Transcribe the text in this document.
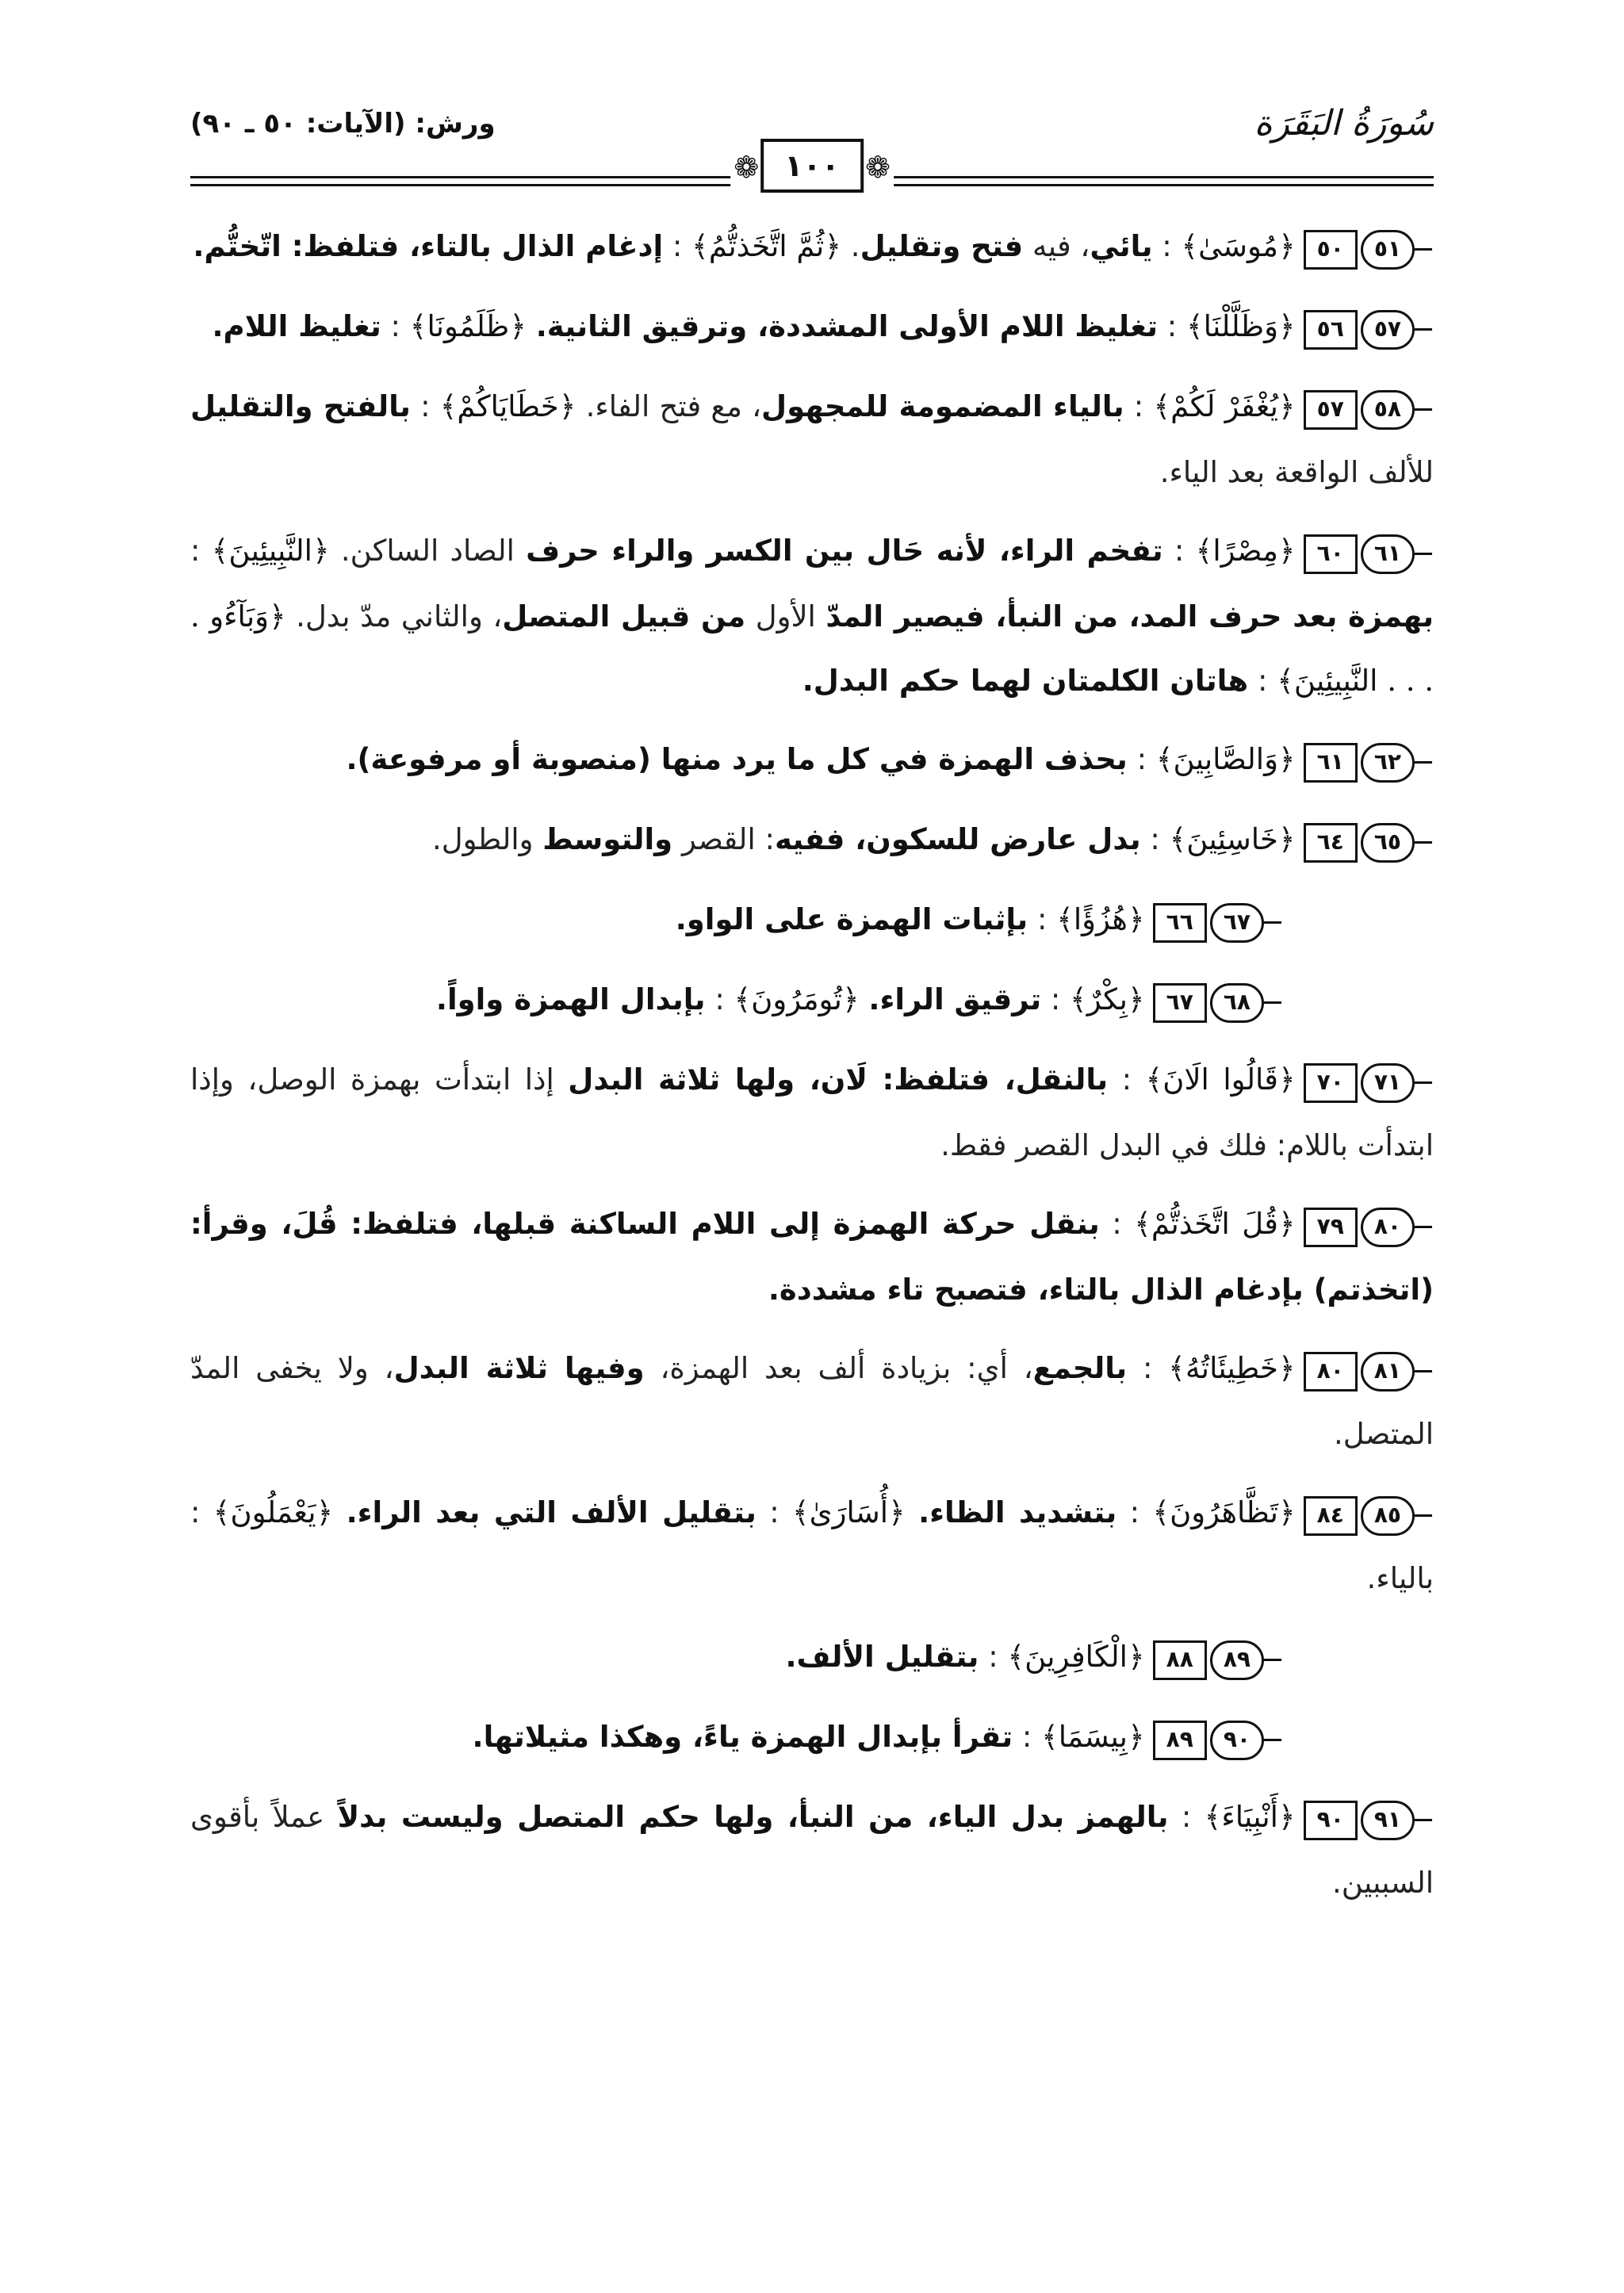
سُورَةُ البَقَرَة
ورش: (الآيات: ٥٠ ـ ٩٠)
❁ ١٠٠ ❁
٥١٥٠﴿مُوسَىٰ﴾ : يائي، فيه فتح وتقليل. ﴿ثُمَّ اتَّخَذتُّمُ﴾ : إدغام الذال بالتاء، فتلفظ: اتّختُّم.
٥٧٥٦﴿وَظَلَّلْنَا﴾ : تغليظ اللام الأولى المشددة، وترقيق الثانية. ﴿ظَلَمُونَا﴾ : تغليظ اللام.
٥٨٥٧﴿يُغْفَرْ لَكُمْ﴾ : بالياء المضمومة للمجهول، مع فتح الفاء. ﴿خَطَايَاكُمْ﴾ : بالفتح والتقليل للألف الواقعة بعد الياء.
٦١٦٠﴿مِصْرًا﴾ : تفخم الراء، لأنه حَال بين الكسر والراء حرف الصاد الساكن. ﴿النَّبِيئِينَ﴾ : بهمزة بعد حرف المد، من النبأ، فيصير المدّ الأول من قبيل المتصل، والثاني مدّ بدل. ﴿وَبَآءُو . . . . النَّبِيئِينَ﴾ : هاتان الكلمتان لهما حكم البدل.
٦٢٦١﴿وَالصَّابِينَ﴾ : بحذف الهمزة في كل ما يرد منها (منصوبة أو مرفوعة).
٦٥٦٤﴿خَاسِئِينَ﴾ : بدل عارض للسكون، ففيه: القصر والتوسط والطول.
٦٧٦٦﴿هُزُؤًا﴾ : بإثبات الهمزة على الواو.
٦٨٦٧﴿بِكْرٌ﴾ : ترقيق الراء. ﴿تُومَرُونَ﴾ : بإبدال الهمزة واواً.
٧١٧٠﴿قَالُوا الَانَ﴾ : بالنقل، فتلفظ: لَان، ولها ثلاثة البدل إذا ابتدأت بهمزة الوصل، وإذا ابتدأت باللام: فلك في البدل القصر فقط.
٨٠٧٩﴿قُلَ اتَّخَذتُّمْ﴾ : بنقل حركة الهمزة إلى اللام الساكنة قبلها، فتلفظ: قُلَ، وقرأ: (اتخذتم) بإدغام الذال بالتاء، فتصبح تاء مشددة.
٨١٨٠﴿خَطِيئَاتُهُ﴾ : بالجمع، أي: بزيادة ألف بعد الهمزة، وفيها ثلاثة البدل، ولا يخفى المدّ المتصل.
٨٥٨٤﴿تَظَّاهَرُونَ﴾ : بتشديد الظاء. ﴿أُسَارَىٰ﴾ : بتقليل الألف التي بعد الراء. ﴿يَعْمَلُونَ﴾ : بالياء.
٨٩٨٨﴿الْكَافِرِينَ﴾ : بتقليل الألف.
٩٠٨٩﴿بِيسَمَا﴾ : تقرأ بإبدال الهمزة ياءً، وهكذا مثيلاتها.
٩١٩٠﴿أَنْبِيَاءَ﴾ : بالهمز بدل الياء، من النبأ، ولها حكم المتصل وليست بدلاً عملاً بأقوى السببين.
